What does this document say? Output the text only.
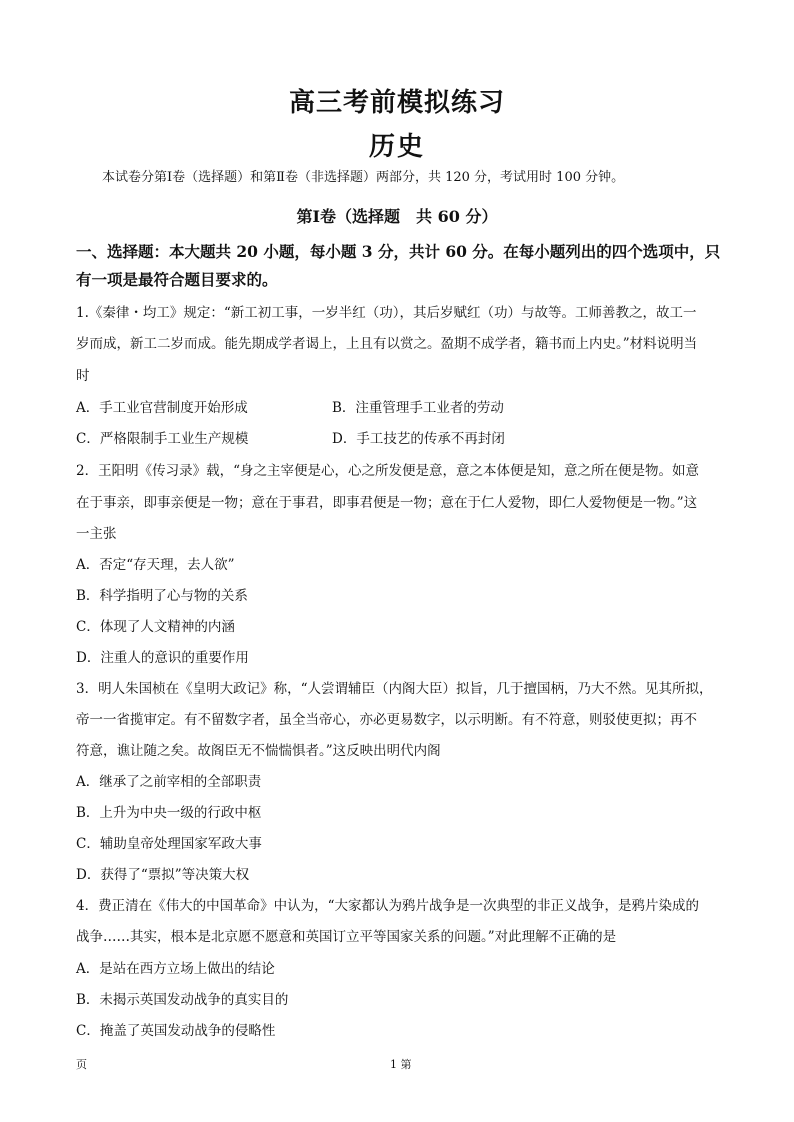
高三考前模拟练习
历史
本试卷分第Ⅰ卷（选择题）和第Ⅱ卷（非选择题）两部分，共 120 分，考试用时 100 分钟。
第Ⅰ卷（选择题　共 60 分）
一、选择题：本大题共 20 小题，每小题 3 分，共计 60 分。在每小题列出的四个选项中，只
有一项是最符合题目要求的。
1.《秦律・均工》规定：“新工初工事，一岁半红（功），其后岁赋红（功）与故等。工师善教之，故工一
岁而成，新工二岁而成。能先期成学者谒上，上且有以赏之。盈期不成学者，籍书而上内史。”材料说明当
时
A．手工业官营制度开始形成	B．注重管理手工业者的劳动
C．严格限制手工业生产规模	D．手工技艺的传承不再封闭
2．王阳明《传习录》载，“身之主宰便是心，心之所发便是意，意之本体便是知，意之所在便是物。如意
在于事亲，即事亲便是一物；意在于事君，即事君便是一物；意在于仁人爱物，即仁人爱物便是一物。”这
一主张
A．否定“存天理，去人欲”
B．科学指明了心与物的关系
C．体现了人文精神的内涵
D．注重人的意识的重要作用
3．明人朱国桢在《皇明大政记》称，“人尝谓辅臣（内阁大臣）拟旨，几于擅国柄，乃大不然。见其所拟，
帝一一省揽审定。有不留数字者，虽全当帝心，亦必更易数字，以示明断。有不符意，则驳使更拟；再不
符意，谯让随之矣。故阁臣无不惴惴惧者。”这反映出明代内阁
A．继承了之前宰相的全部职责
B．上升为中央一级的行政中枢
C．辅助皇帝处理国家军政大事
D．获得了“票拟”等决策大权
4．费正清在《伟大的中国革命》中认为，“大家都认为鸦片战争是一次典型的非正义战争，是鸦片染成的
战争……其实，根本是北京愿不愿意和英国订立平等国家关系的问题。”对此理解不正确的是
A．是站在西方立场上做出的结论
B．未揭示英国发动战争的真实目的
C．掩盖了英国发动战争的侵略性
页	1 第
